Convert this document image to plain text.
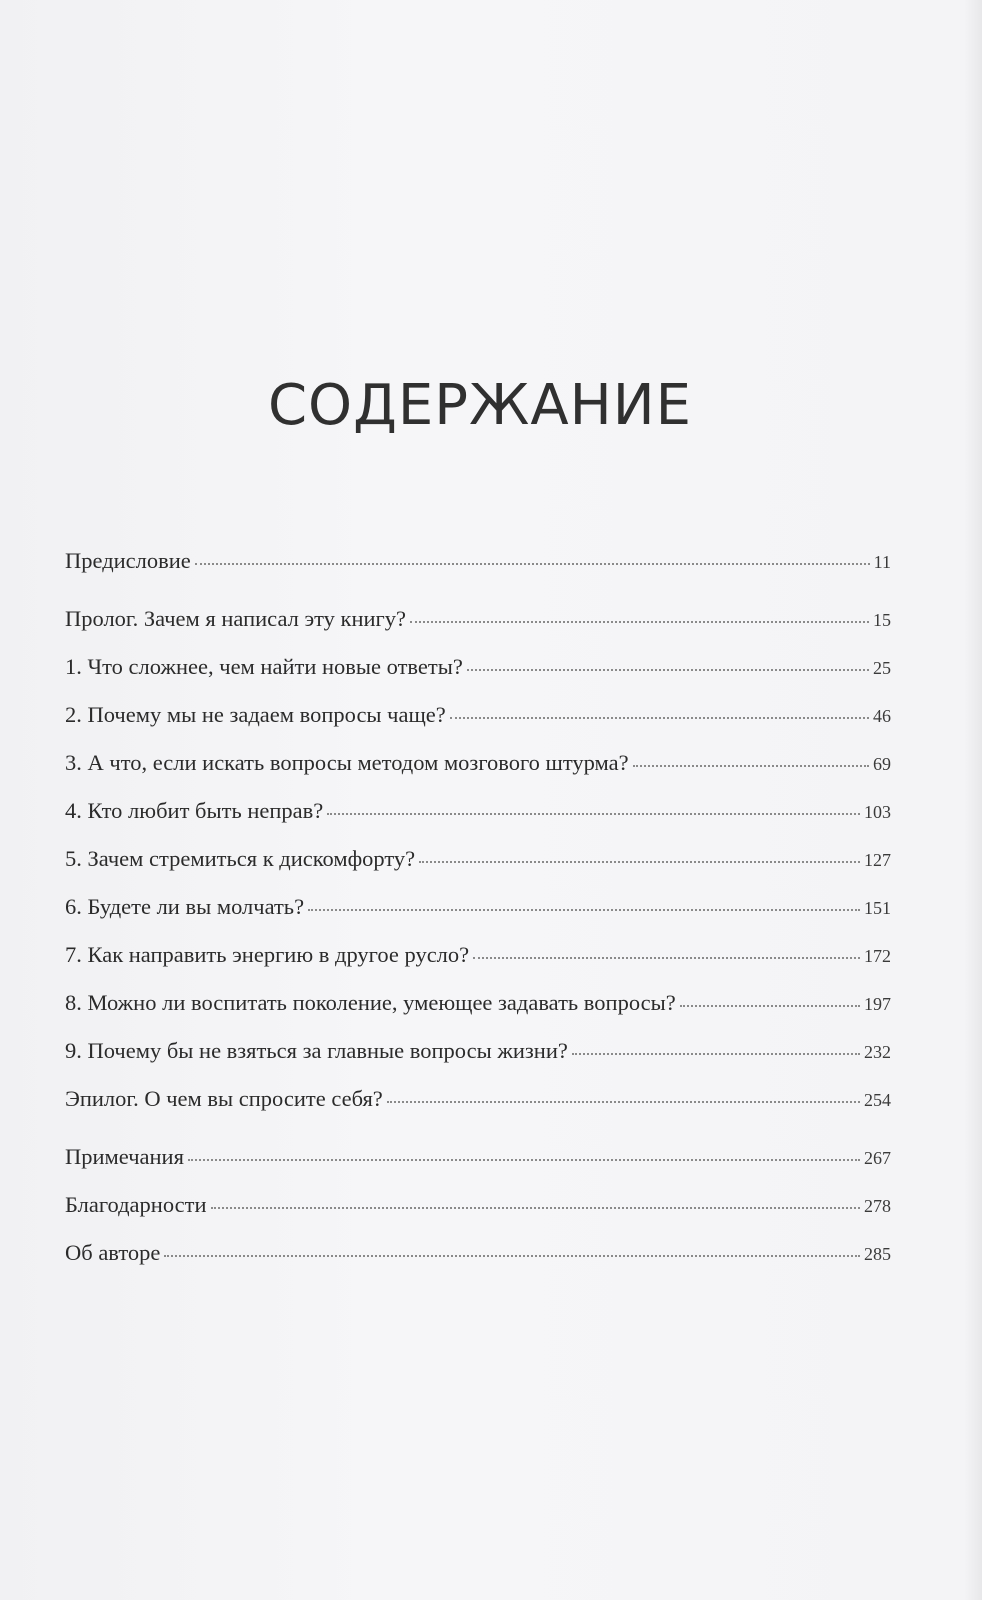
СОДЕРЖАНИЕ
Предисловие	11
Пролог. Зачем я написал эту книгу?	15
1. Что сложнее, чем найти новые ответы?	25
2. Почему мы не задаем вопросы чаще?	46
3. А что, если искать вопросы методом мозгового штурма?	69
4. Кто любит быть неправ?	103
5. Зачем стремиться к дискомфорту?	127
6. Будете ли вы молчать?	151
7. Как направить энергию в другое русло?	172
8. Можно ли воспитать поколение, умеющее задавать вопросы?	197
9. Почему бы не взяться за главные вопросы жизни?	232
Эпилог. О чем вы спросите себя?	254
Примечания	267
Благодарности	278
Об авторе	285
